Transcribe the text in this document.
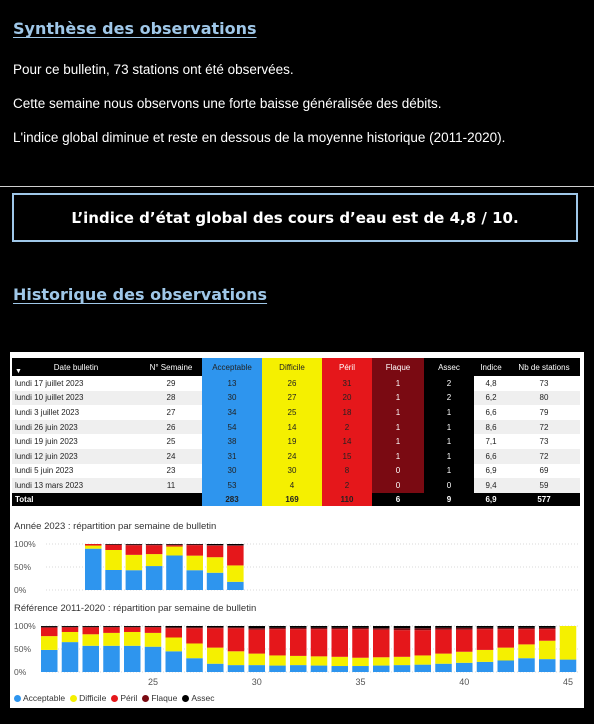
Synthèse des observations
Pour ce bulletin, 73 stations ont été observées.
Cette semaine nous observons une forte baisse généralisée des débits.
L'indice global diminue et reste en dessous de la moyenne historique (2011-2020).
L’indice d’état global des cours d’eau est de 4,8 / 10.
Historique des observations
▼ Date bulletin	N° Semaine	Acceptable	Difficile	Péril	Flaque	Assec	Indice	Nb de stations
lundi 17 juillet 2023	29	13	26	31	1	2	4,8	73
lundi 10 juillet 2023	28	30	27	20	1	2	6,2	80
lundi 3 juillet 2023	27	34	25	18	1	1	6,6	79
lundi 26 juin 2023	26	54	14	2	1	1	8,6	72
lundi 19 juin 2023	25	38	19	14	1	1	7,1	73
lundi 12 juin 2023	24	31	24	15	1	1	6,6	72
lundi 5 juin 2023	23	30	30	8	0	1	6,9	69
lundi 13 mars 2023	11	53	4	2	0	0	9,4	59
Total		283	169	110	6	9	6,9	577
Année 2023 : répartition par semaine de bulletin
100%
50%
0%
Référence 2011-2020 : répartition par semaine de bulletin
100%
50%
0%
25	30	35	40	45
Acceptable Difficile Péril Flaque Assec
